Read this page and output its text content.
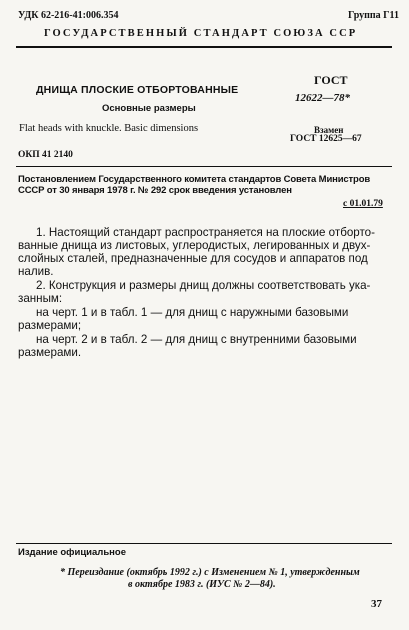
УДК 62-216-41:006.354	Группа Г11
ГОСУДАРСТВЕННЫЙ СТАНДАРТ СОЮЗА ССР
ДНИЩА ПЛОСКИЕ ОТБОРТОВАННЫЕ
Основные размеры
Flat heads with knuckle. Basic dimensions
ГОСТ
12622—78*
Взамен
ГОСТ 12625—67
ОКП 41 2140
Постановлением Государственного комитета стандартов Совета Министров СССР от 30 января 1978 г. № 292 срок введения установлен
с 01.01.79
1. Настоящий стандарт распространяется на плоские отборто-
ванные днища из листовых, углеродистых, легированных и двух-
слойных сталей, предназначенные для сосудов и аппаратов под
налив.
2. Конструкция и размеры днищ должны соответствовать ука-
занным:
на черт. 1 и в табл. 1 — для днищ с наружными базовыми
размерами;
на черт. 2 и в табл. 2 — для днищ с внутренними базовыми
размерами.
Издание официальное
* Переиздание (октябрь 1992 г.) с Изменением № 1, утвержденным
в октябре 1983 г. (ИУС № 2—84).
37
